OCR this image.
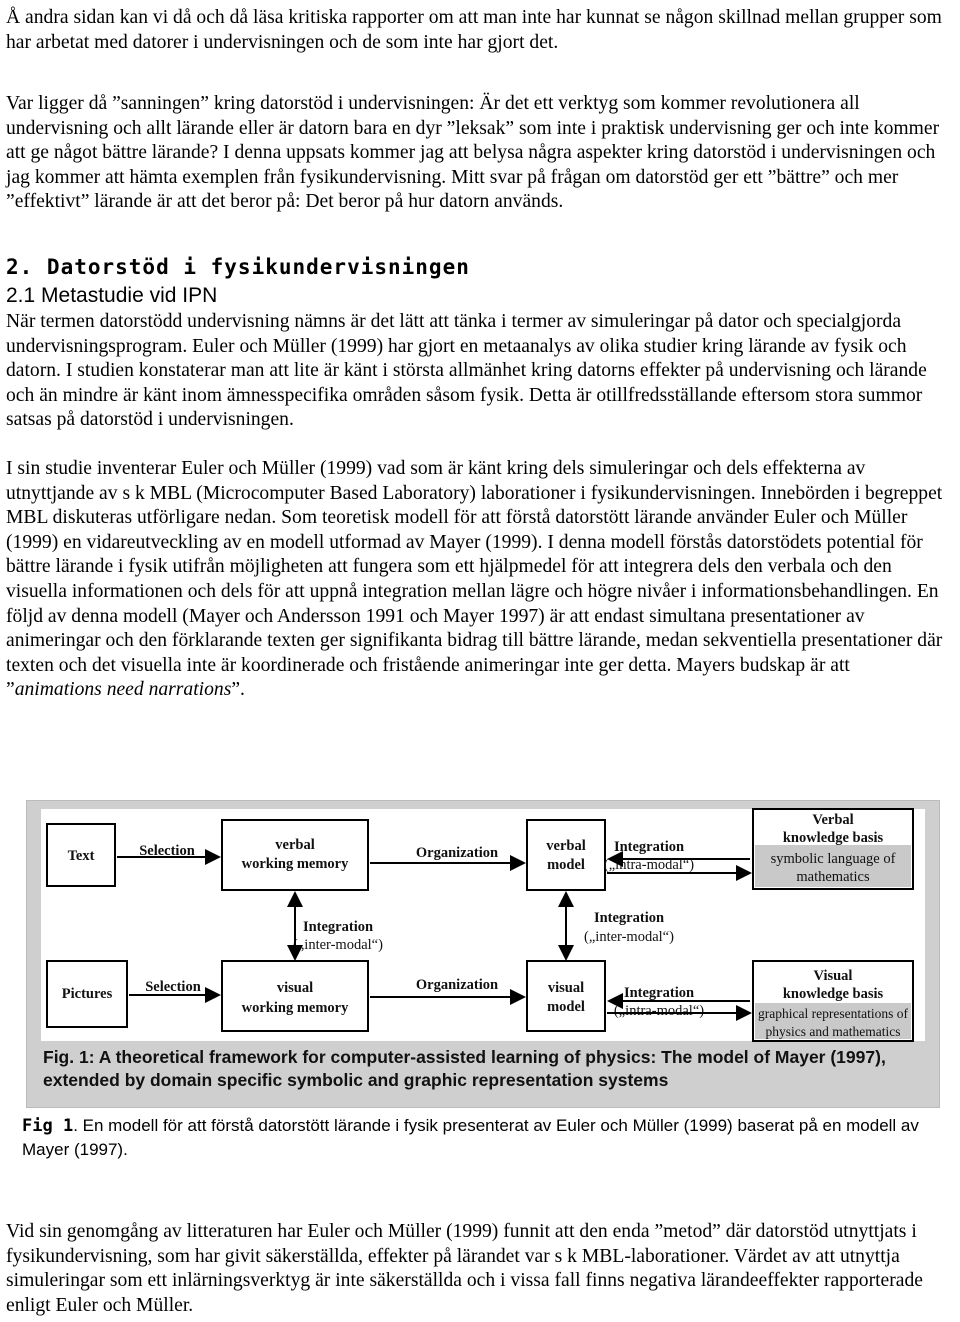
Å andra sidan kan vi då och då läsa kritiska rapporter om att man inte har kunnat se någon skillnad mellan grupper som har arbetat med datorer i undervisningen och de som inte har gjort det.

Var ligger då ”sanningen” kring datorstöd i undervisningen: Är det ett verktyg som kommer revolutionera all undervisning och allt lärande eller är datorn bara en dyr ”leksak” som inte i praktisk undervisning ger och inte kommer att ge något bättre lärande? I denna uppsats kommer jag att belysa några aspekter kring datorstöd i undervisningen och jag kommer att hämta exemplen från fysikundervisning. Mitt svar på frågan om datorstöd ger ett ”bättre” och mer ”effektivt” lärande är att det beror på: Det beror på hur datorn används.

2. Datorstöd i fysikundervisningen
2.1 Metastudie vid IPN

När termen datorstödd undervisning nämns är det lätt att tänka i termer av simuleringar på dator och specialgjorda undervisningsprogram. Euler och Müller (1999) har gjort en metaanalys av olika studier kring lärande av fysik och datorn. I studien konstaterar man att lite är känt i största allmänhet kring datorns effekter på undervisning och lärande och än mindre är känt inom ämnesspecifika områden såsom fysik. Detta är otillfredsställande eftersom stora summor satsas på datorstöd i undervisningen.

I sin studie inventerar Euler och Müller (1999) vad som är känt kring dels simuleringar och dels effekterna av utnyttjande av s k MBL (Microcomputer Based Laboratory) laborationer i fysikundervisningen. Innebörden i begreppet MBL diskuteras utförligare nedan. Som teoretisk modell för att förstå datorstött lärande använder Euler och Müller (1999) en vidareutveckling av en modell utformad av Mayer (1999). I denna modell förstås datorstödets potential för bättre lärande i fysik utifrån möjligheten att fungera som ett hjälpmedel för att integrera dels den verbala och den visuella informationen och dels för att uppnå integration mellan lägre och högre nivåer i informationsbehandlingen. En följd av denna modell (Mayer och Andersson 1991 och Mayer 1997) är att endast simultana presentationer av animeringar och den förklarande texten ger signifikanta bidrag till bättre lärande, medan sekventiella presentationer där texten och det visuella inte är koordinerade och fristående animeringar inte ger detta. Mayers budskap är att
”animations need narrations”.

Text	Selection	verbal
working memory
Organization	verbal
model
Integration
(„intra-modal“)
Verbal
knowledge basis
symbolic language of
mathematics
Integration
(„inter-modal“)
Integration
(„inter-modal“)
Pictures Selection	visual
working memory
Organization	visual
model
Integration
(„intra-modal“)
Visual
knowledge basis
graphical representations of
physics and mathematics
Fig. 1: A theoretical framework for computer-assisted learning of physics: The model of Mayer (1997), extended by domain specific symbolic and graphic representation systems
Fig 1. En modell för att förstå datorstött lärande i fysik presenterat av Euler och Müller (1999) baserat på en modell av Mayer (1997).

Vid sin genomgång av litteraturen har Euler och Müller (1999) funnit att den enda ”metod” där datorstöd utnyttjats i fysikundervisning, som har givit säkerställda, effekter på lärandet var s k MBL-laborationer. Värdet av att utnyttja simuleringar som ett inlärningsverktyg är inte säkerställda och i vissa fall finns negativa lärandeeffekter rapporterade enligt Euler och Müller.
